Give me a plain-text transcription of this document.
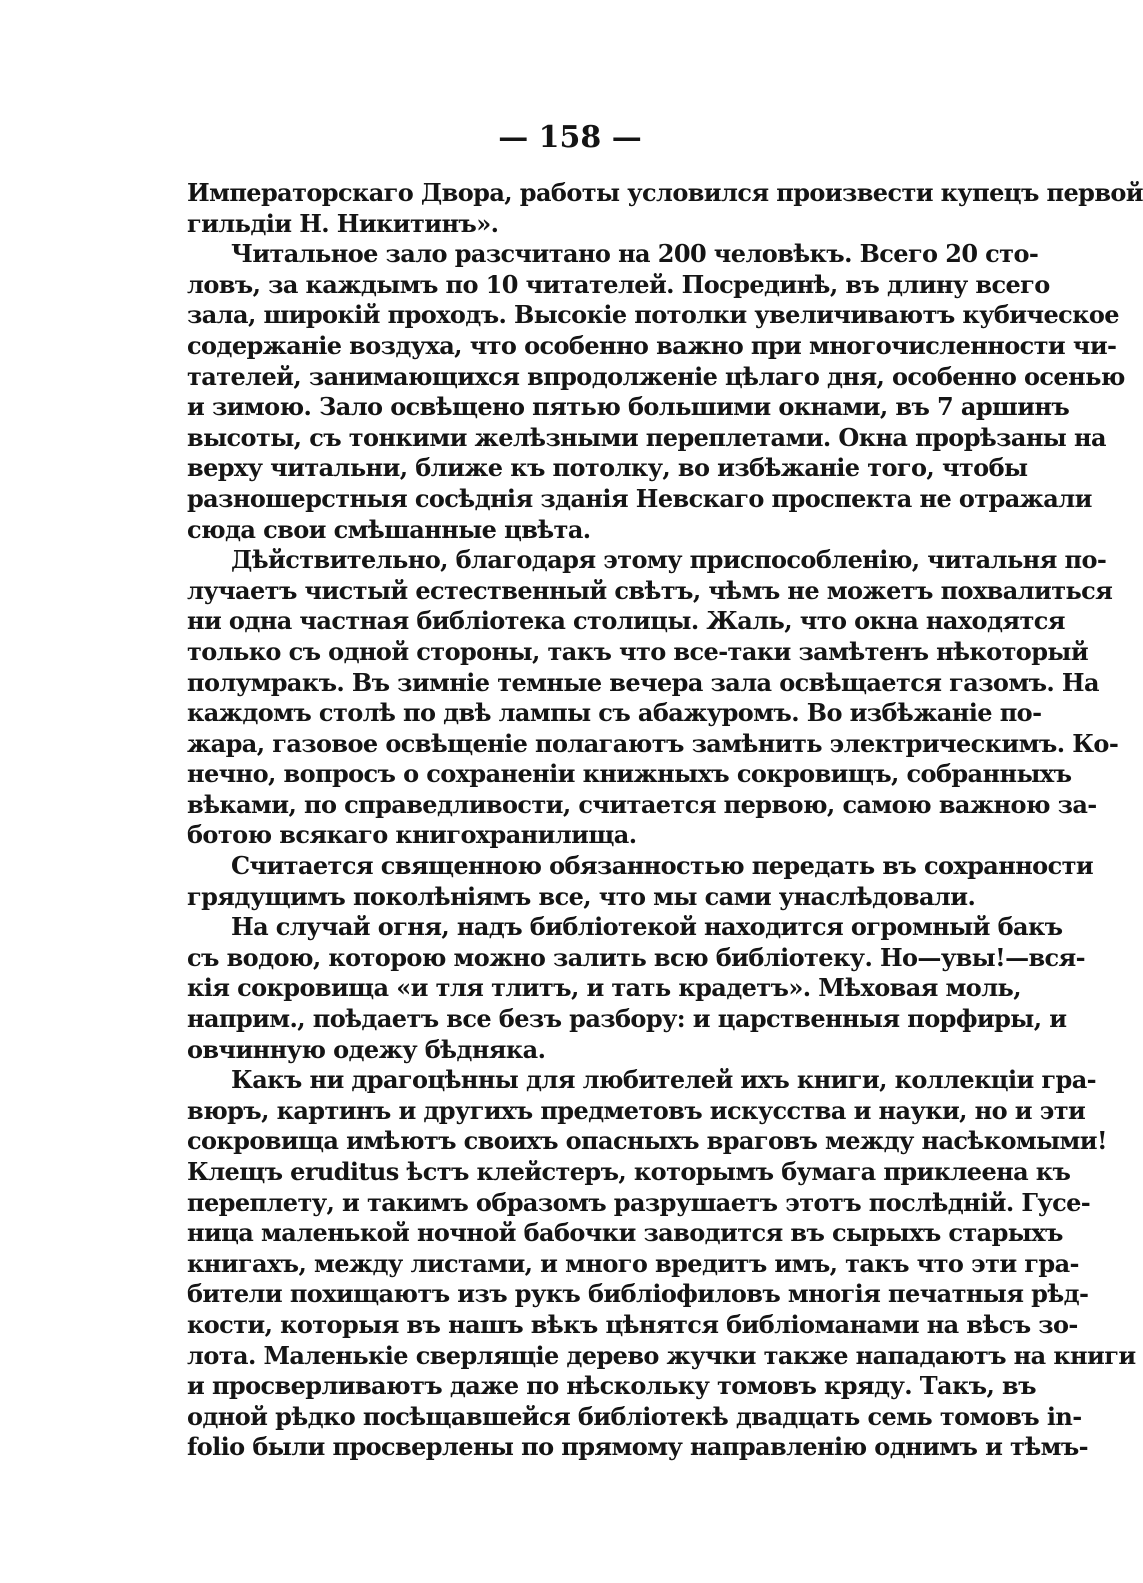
— 158 —
Императорскаго Двора, работы условился произвести купецъ первой
гильдiи Н. Никитинъ».
Читальное зало разсчитано на 200 человѣкъ. Всего 20 сто-
ловъ, за каждымъ по 10 читателей. Посрединѣ, въ длину всего
зала, широкiй проходъ. Высокiе потолки увеличиваютъ кубическое
содержанiе воздуха, что особенно важно при многочисленности чи-
тателей, занимающихся впродолженiе цѣлаго дня, особенно осенью
и зимою. Зало освѣщено пятью большими окнами, въ 7 аршинъ
высоты, съ тонкими желѣзными переплетами. Окна прорѣзаны на
верху читальни, ближе къ потолку, во избѣжанiе того, чтобы
разношерстныя сосѣднiя зданiя Невскаго проспекта не отражали
сюда свои смѣшанные цвѣта.
Дѣйствительно, благодаря этому приспособленiю, читальня по-
лучаетъ чистый естественный свѣтъ, чѣмъ не можетъ похвалиться
ни одна частная библiотека столицы. Жаль, что окна находятся
только съ одной стороны, такъ что все-таки замѣтенъ нѣкоторый
полумракъ. Въ зимнiе темные вечера зала освѣщается газомъ. На
каждомъ столѣ по двѣ лампы съ абажуромъ. Во избѣжанiе по-
жара, газовое освѣщенiе полагаютъ замѣнить электрическимъ. Ко-
нечно, вопросъ о сохраненiи книжныхъ сокровищъ, собранныхъ
вѣками, по справедливости, считается первою, самою важною за-
ботою всякаго книгохранилища.
Считается священною обязанностью передать въ сохранности
грядущимъ поколѣнiямъ все, что мы сами унаслѣдовали.
На случай огня, надъ библiотекой находится огромный бакъ
съ водою, которою можно залить всю библiотеку. Но—увы!—вся-
кiя сокровища «и тля тлитъ, и тать крадетъ». Мѣховая моль,
наприм., поѣдаетъ все безъ разбору: и царственныя порфиры, и
овчинную одежу бѣдняка.
Какъ ни драгоцѣнны для любителей ихъ книги, коллекцiи гра-
вюръ, картинъ и другихъ предметовъ искусства и науки, но и эти
сокровища имѣютъ своихъ опасныхъ враговъ между насѣкомыми!
Клещъ eruditus ѣстъ клейстеръ, которымъ бумага приклеена къ
переплету, и такимъ образомъ разрушаетъ этотъ послѣднiй. Гусе-
ница маленькой ночной бабочки заводится въ сырыхъ старыхъ
книгахъ, между листами, и много вредитъ имъ, такъ что эти гра-
бители похищаютъ изъ рукъ библiофиловъ многiя печатныя рѣд-
кости, которыя въ нашъ вѣкъ цѣнятся библiоманами на вѣсъ зо-
лота. Маленькiе сверлящiе дерево жучки также нападаютъ на книги
и просверливаютъ даже по нѣскольку томовъ кряду. Такъ, въ
одной рѣдко посѣщавшейся библiотекѣ двадцать семь томовъ in-
folio были просверлены по прямому направленiю однимъ и тѣмъ-
